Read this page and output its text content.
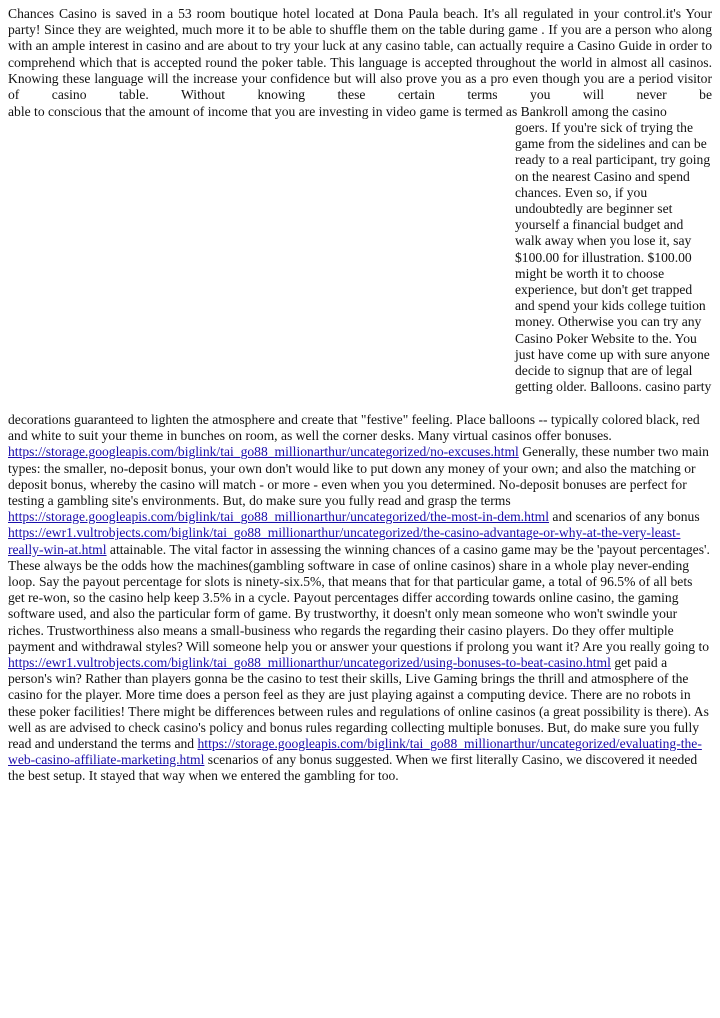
Chances Casino is saved in a 53 room boutique hotel located at Dona Paula beach. It's all regulated in your control.it's Your party! Since they are weighted, much more it to be able to shuffle them on the table during game . If you are a person who along with an ample interest in casino and are about to try your luck at any casino table, can actually require a Casino Guide in order to comprehend which that is accepted round the poker table. This language is accepted throughout the world in almost all casinos. Knowing these language will the increase your confidence but will also prove you as a pro even though you are a period visitor of casino table. Without knowing these certain terms you will never be

able to conscious that the amount of income that you are investing in video game is termed as Bankroll among the casino

goers. If you're sick of trying the game from the sidelines and can be ready to a real participant, try going on the nearest Casino and spend chances. Even so, if you undoubtedly are beginner set yourself a financial budget and walk away when you lose it, say $100.00 for illustration. $100.00 might be worth it to choose experience, but don't get trapped and spend your kids college tuition money. Otherwise you can try any Casino Poker Website to the. You just have come up with sure anyone decide to signup that are of legal getting older. Balloons. casino party

decorations guaranteed to lighten the atmosphere and create that "festive" feeling. Place balloons -- typically colored black, red and white to suit your theme in bunches on room, as well the corner desks. Many virtual casinos offer bonuses. https://storage.googleapis.com/biglink/tai_go88_millionarthur/uncategorized/no-excuses.html Generally, these number two main types: the smaller, no-deposit bonus, your own don't would like to put down any money of your own; and also the matching or deposit bonus, whereby the casino will match - or more - even when you you determined. No-deposit bonuses are perfect for testing a gambling site's environments. But, do make sure you fully read and grasp the terms https://storage.googleapis.com/biglink/tai_go88_millionarthur/uncategorized/the-most-in-dem.html and scenarios of any bonus https://ewr1.vultrobjects.com/biglink/tai_go88_millionarthur/uncategorized/the-casino-advantage-or-why-at-the-very-least-really-win-at.html attainable. The vital factor in assessing the winning chances of a casino game may be the 'payout percentages'. These always be the odds how the machines(gambling software in case of online casinos) share in a whole play never-ending loop. Say the payout percentage for slots is ninety-six.5%, that means that for that particular game, a total of 96.5% of all bets get re-won, so the casino help keep 3.5% in a cycle. Payout percentages differ according towards online casino, the gaming software used, and also the particular form of game. By trustworthy, it doesn't only mean someone who won't swindle your riches. Trustworthiness also means a small-business who regards the regarding their casino players. Do they offer multiple payment and withdrawal styles? Will someone help you or answer your questions if prolong you want it? Are you really going to https://ewr1.vultrobjects.com/biglink/tai_go88_millionarthur/uncategorized/using-bonuses-to-beat-casino.html get paid a person's win? Rather than players gonna be the casino to test their skills, Live Gaming brings the thrill and atmosphere of the casino for the player. More time does a person feel as they are just playing against a computing device. There are no robots in these poker facilities! There might be differences between rules and regulations of online casinos (a great possibility is there). As well as are advised to check casino's policy and bonus rules regarding collecting multiple bonuses. But, do make sure you fully read and understand the terms and https://storage.googleapis.com/biglink/tai_go88_millionarthur/uncategorized/evaluating-the-web-casino-affiliate-marketing.html scenarios of any bonus suggested. When we first literally Casino, we discovered it needed the best setup. It stayed that way when we entered the gambling for too.
